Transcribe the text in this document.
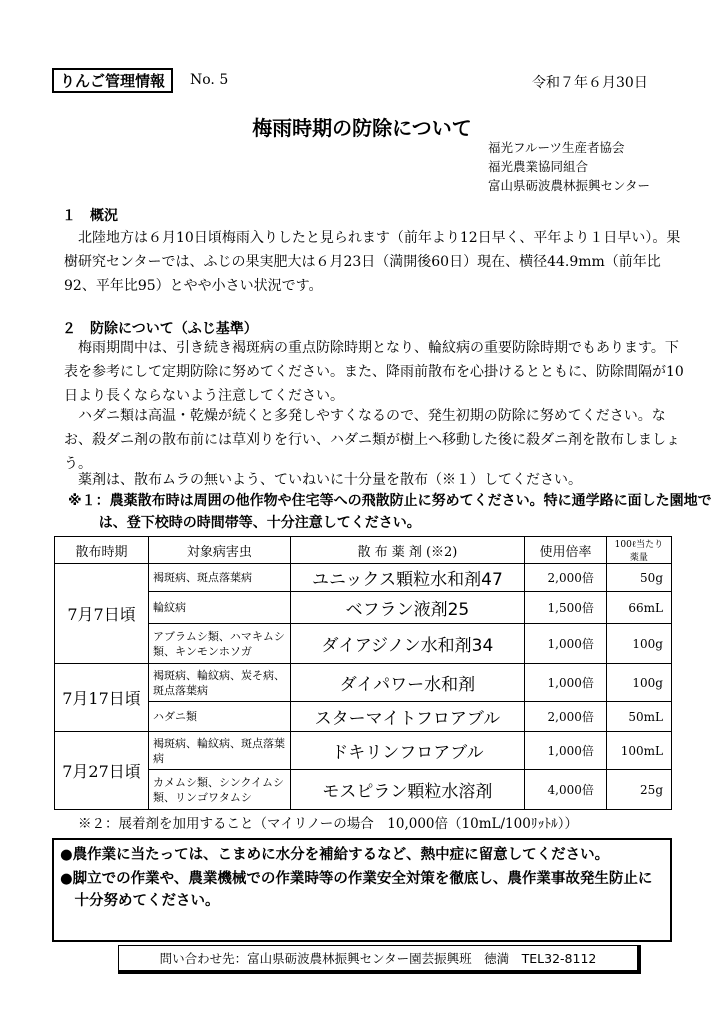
りんご管理情報	No. 5	令和７年６月30日
梅雨時期の防除について
福光フルーツ生産者協会
福光農業協同組合
富山県砺波農林振興センター
１　概況
北陸地方は６月10日頃梅雨入りしたと見られます（前年より12日早く、平年より１日早い）。果樹研究センターでは、ふじの果実肥大は６月23日（満開後60日）現在、横径44.9mm（前年比92、平年比95）とやや小さい状況です。
２　防除について（ふじ基準）
梅雨期間中は、引き続き褐斑病の重点防除時期となり、輪紋病の重要防除時期でもあります。下表を参考にして定期防除に努めてください。また、降雨前散布を心掛けるとともに、防除間隔が10日より長くならないよう注意してください。
ハダニ類は高温・乾燥が続くと多発しやすくなるので、発生初期の防除に努めてください。なお、殺ダニ剤の散布前には草刈りを行い、ハダニ類が樹上へ移動した後に殺ダニ剤を散布しましょう。
薬剤は、散布ムラの無いよう、ていねいに十分量を散布（※１）してください。
※１：農薬散布時は周囲の他作物や住宅等への飛散防止に努めてください。特に通学路に面した園地では、登下校時の時間帯等、十分注意してください。
散布時期	対象病害虫	散 布 薬 剤 (※2)	使用倍率	100ℓ当たり薬量
7月7日頃	褐斑病、斑点落葉病	ユニックス顆粒水和剤47	2,000倍	50g
	輪紋病	ベフラン液剤25	1,500倍	66mL
	アブラムシ類、ハマキムシ類、キンモンホソガ	ダイアジノン水和剤34	1,000倍	100g
7月17日頃	褐斑病、輪紋病、炭そ病、斑点落葉病	ダイパワー水和剤	1,000倍	100g
	ハダニ類	スターマイトフロアブル	2,000倍	50mL
7月27日頃	褐斑病、輪紋病、斑点落葉病	ドキリンフロアブル	1,000倍	100mL
	カメムシ類、シンクイムシ類、リンゴワタムシ	モスピラン顆粒水溶剤	4,000倍	25g
※２：展着剤を加用すること（マイリノーの場合　10,000倍（10mL/100ﾘｯﾄﾙ））

●農作業に当たっては、こまめに水分を補給するなど、熱中症に留意してください。

●脚立での作業や、農業機械での作業時等の作業安全対策を徹底し、農作業事故発生防止に十分努めてください。

問い合わせ先：富山県砺波農林振興センター園芸振興班　徳満　TEL32-8112
